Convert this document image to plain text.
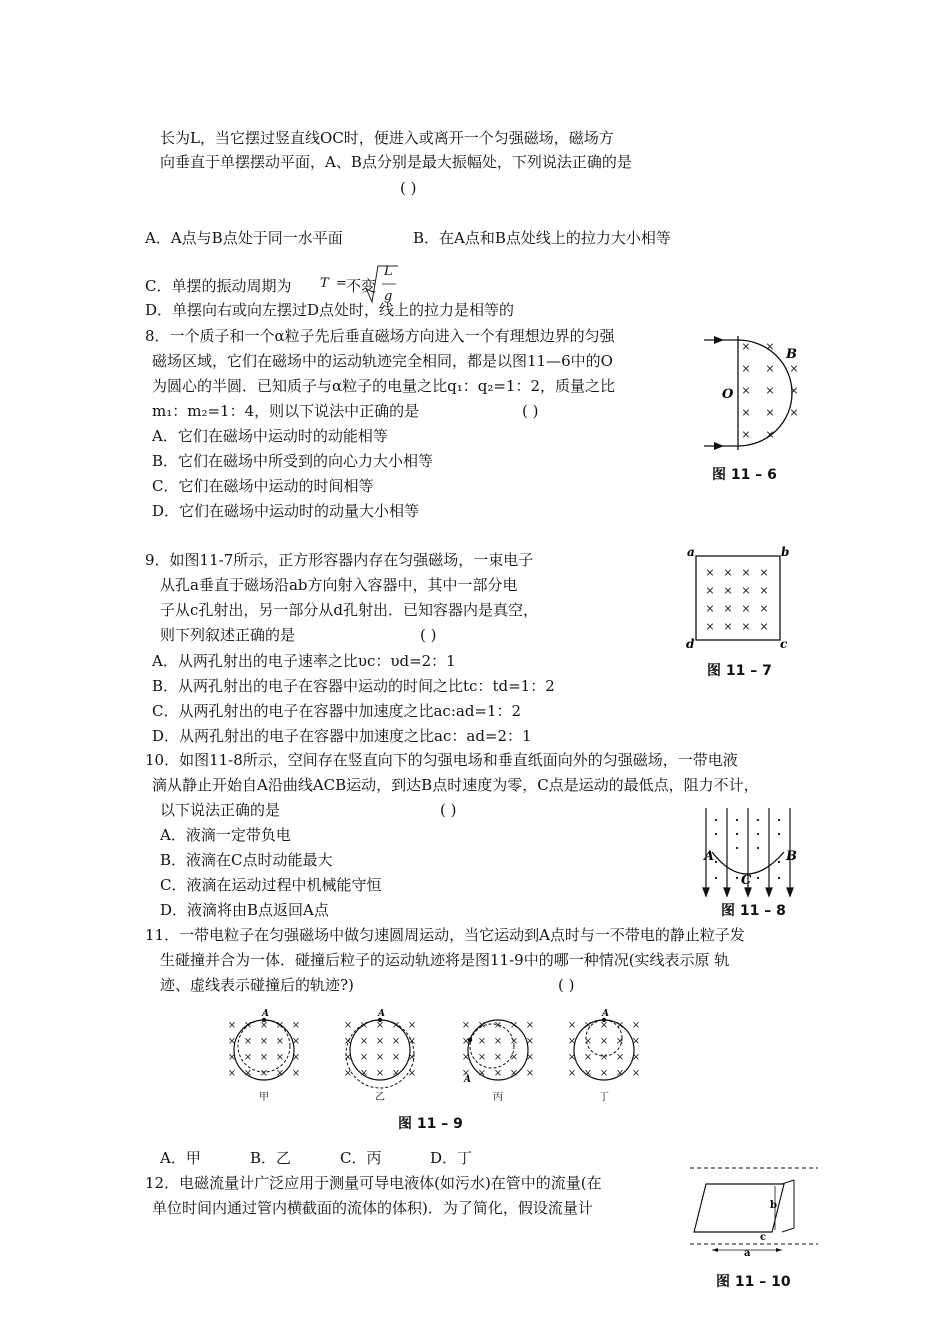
长为L，当它摆过竖直线OC时，便进入或离开一个匀强磁场，磁场方
向垂直于单摆摆动平面，A、B点分别是最大振幅处，下列说法正确的是
( )
A．A点与B点处于同一水平面	B．在A点和B点处线上的拉力大小相等
C．单摆的振动周期为 T = 不变
L
g
D．单摆向右或向左摆过D点处时，线上的拉力是相等的
8．一个质子和一个α粒子先后垂直磁场方向进入一个有理想边界的匀强
磁场区域，它们在磁场中的运动轨迹完全相同，都是以图11—6中的O
为圆心的半圆．已知质子与α粒子的电量之比q₁：q₂=1：2，质量之比
m₁：m₂=1：4，则以下说法中正确的是	( )
A．它们在磁场中运动时的动能相等
B．它们在磁场中所受到的向心力大小相等
C．它们在磁场中运动的时间相等
D．它们在磁场中运动时的动量大小相等
× ×
× × ×
× × ×
× × ×
× ×
O
B
图 11 – 6
9．如图11-7所示，正方形容器内存在匀强磁场，一束电子
从孔a垂直于磁场沿ab方向射入容器中，其中一部分电
子从c孔射出，另一部分从d孔射出．已知容器内是真空，
则下列叙述正确的是	( )
A．从两孔射出的电子速率之比υc：υd=2：1
B．从两孔射出的电子在容器中运动的时间之比tc：td=1：2
C．从两孔射出的电子在容器中加速度之比ac:ad=1：2
D．从两孔射出的电子在容器中加速度之比ac：ad=2：1
× × × ×
× × × ×
× × × ×
× × × ×
a	b
c
d
图 11 – 7
10．如图11-8所示，空间存在竖直向下的匀强电场和垂直纸面向外的匀强磁场，一带电液
滴从静止开始自A沿曲线ACB运动，到达B点时速度为零，C点是运动的最低点，阻力不计，
以下说法正确的是	( )
A．液滴一定带负电
B．液滴在C点时动能最大
C．液滴在运动过程中机械能守恒
D．液滴将由B点返回A点
A	B
C
图 11 – 8
11．一带电粒子在匀强磁场中做匀速圆周运动，当它运动到A点时与一不带电的静止粒子发
生碰撞并合为一体．碰撞后粒子的运动轨迹将是图11-9中的哪一种情况(实线表示原 轨
迹、虚线表示碰撞后的轨迹?)	( )
A	A
A
A
甲	乙	丙	丁
图 11 – 9
A．甲	B．乙	C．丙	D．丁
12．电磁流量计广泛应用于测量可导电液体(如污水)在管中的流量(在
单位时间内通过管内横截面的流体的体积)．为了简化，假设流量计	b
a
c
图 11 – 10
